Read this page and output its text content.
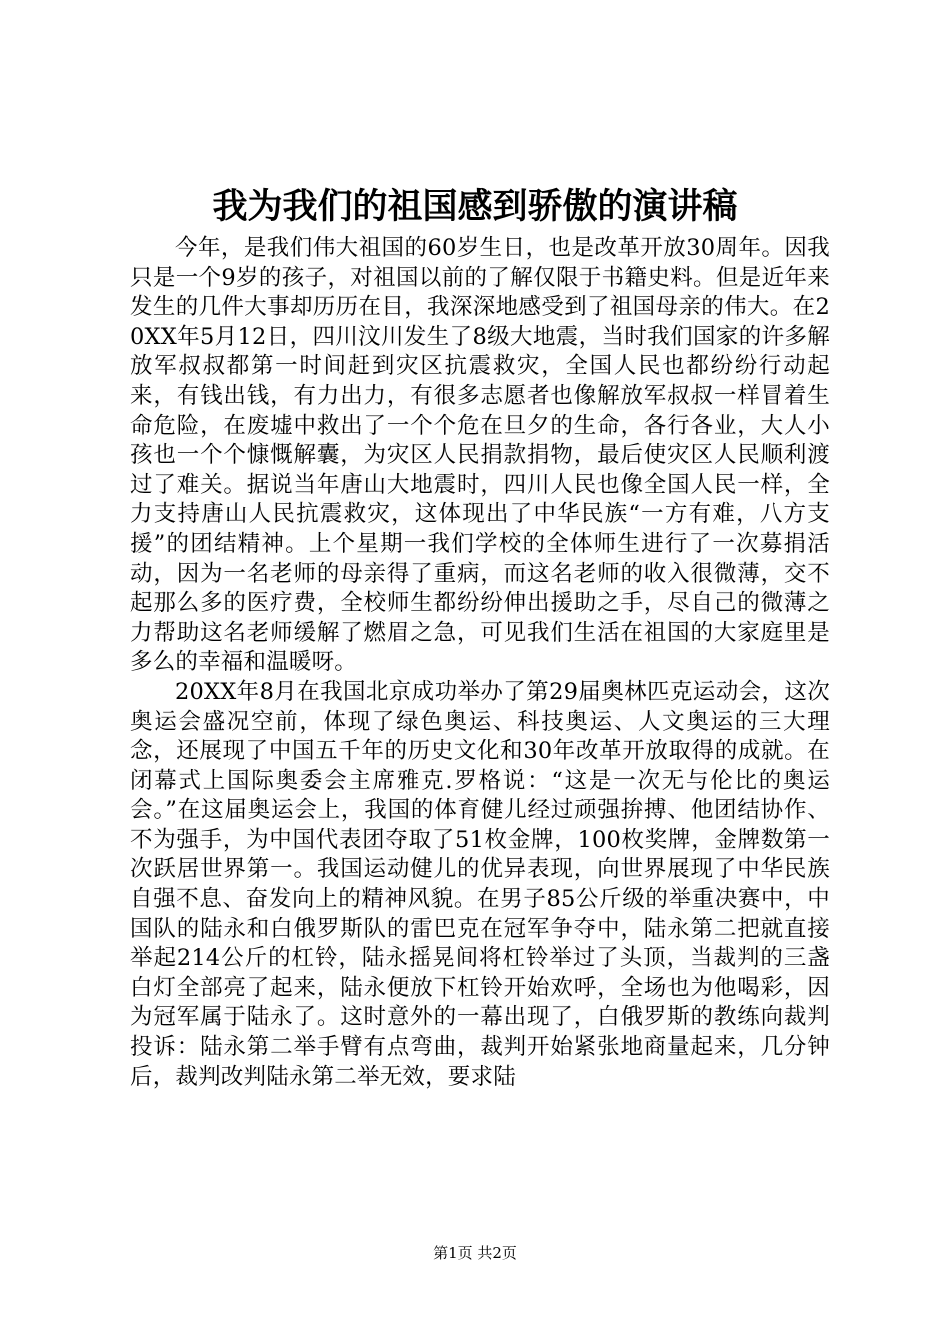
我为我们的祖国感到骄傲的演讲稿

今年，是我们伟大祖国的60岁生日，也是改革开放30周年。因我只是一个9岁的孩子，对祖国以前的了解仅限于书籍史料。但是近年来发生的几件大事却历历在目，我深深地感受到了祖国母亲的伟大。在20XX年5月12日，四川汶川发生了8级大地震，当时我们国家的许多解放军叔叔都第一时间赶到灾区抗震救灾，全国人民也都纷纷行动起来，有钱出钱，有力出力，有很多志愿者也像解放军叔叔一样冒着生命危险，在废墟中救出了一个个危在旦夕的生命，各行各业，大人小孩也一个个慷慨解囊，为灾区人民捐款捐物，最后使灾区人民顺利渡过了难关。据说当年唐山大地震时，四川人民也像全国人民一样，全力支持唐山人民抗震救灾，这体现出了中华民族“一方有难，八方支援”的团结精神。上个星期一我们学校的全体师生进行了一次募捐活动，因为一名老师的母亲得了重病，而这名老师的收入很微薄，交不起那么多的医疗费，全校师生都纷纷伸出援助之手，尽自己的微薄之力帮助这名老师缓解了燃眉之急，可见我们生活在祖国的大家庭里是多么的幸福和温暖呀。

20XX年8月在我国北京成功举办了第29届奥林匹克运动会，这次奥运会盛况空前，体现了绿色奥运、科技奥运、人文奥运的三大理念，还展现了中国五千年的历史文化和30年改革开放取得的成就。在闭幕式上国际奥委会主席雅克.罗格说：“这是一次无与伦比的奥运会。”在这届奥运会上，我国的体育健儿经过顽强拚搏、他团结协作、不为强手，为中国代表团夺取了51枚金牌，100枚奖牌，金牌数第一次跃居世界第一。我国运动健儿的优异表现，向世界展现了中华民族自强不息、奋发向上的精神风貌。在男子85公斤级的举重决赛中，中国队的陆永和白俄罗斯队的雷巴克在冠军争夺中，陆永第二把就直接举起214公斤的杠铃，陆永摇晃间将杠铃举过了头顶，当裁判的三盏白灯全部亮了起来，陆永便放下杠铃开始欢呼，全场也为他喝彩，因为冠军属于陆永了。这时意外的一幕出现了，白俄罗斯的教练向裁判投诉：陆永第二举手臂有点弯曲，裁判开始紧张地商量起来，几分钟后，裁判改判陆永第二举无效，要求陆

第1页 共2页
